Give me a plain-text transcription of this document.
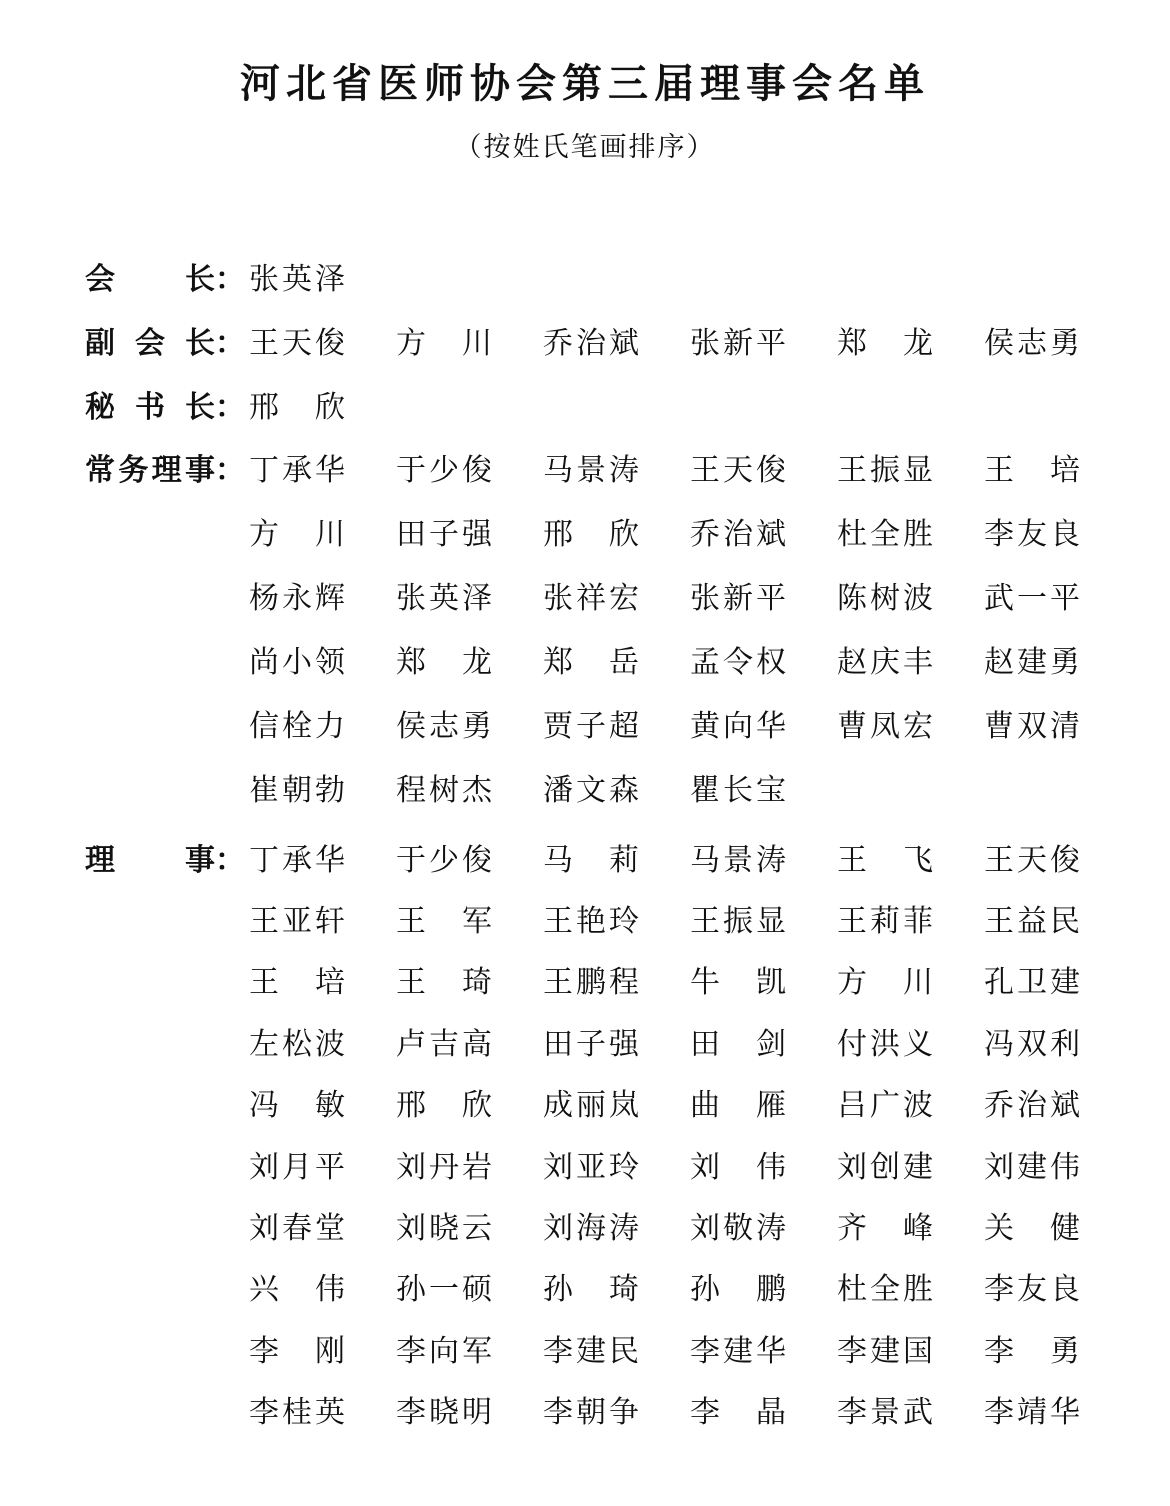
河北省医师协会第三届理事会名单
（按姓氏笔画排序）
会 长 ： 张 英 泽
副 会 长 ： 王 天 俊 方 川 乔 治 斌 张 新 平 郑 龙 侯 志 勇
秘 书 长 ： 邢 欣
常 务 理 事 ： 丁 承 华 于 少 俊 马 景 涛 王 天 俊 王 振 显 王 培
方 川 田 子 强 邢 欣 乔 治 斌 杜 全 胜 李 友 良
杨 永 辉 张 英 泽 张 祥 宏 张 新 平 陈 树 波 武 一 平
尚 小 领 郑 龙 郑 岳 孟 令 权 赵 庆 丰 赵 建 勇
信 栓 力 侯 志 勇 贾 子 超 黄 向 华 曹 凤 宏 曹 双 清
崔 朝 勃 程 树 杰 潘 文 森 瞿 长 宝
理 事 ： 丁 承 华 于 少 俊 马 莉 马 景 涛 王 飞 王 天 俊
王 亚 轩 王 军 王 艳 玲 王 振 显 王 莉 菲 王 益 民
王 培 王 琦 王 鹏 程 牛 凯 方 川 孔 卫 建
左 松 波 卢 吉 高 田 子 强 田 剑 付 洪 义 冯 双 利
冯 敏 邢 欣 成 丽 岚 曲 雁 吕 广 波 乔 治 斌
刘 月 平 刘 丹 岩 刘 亚 玲 刘 伟 刘 创 建 刘 建 伟
刘 春 堂 刘 晓 云 刘 海 涛 刘 敬 涛 齐 峰 关 健
兴 伟 孙 一 硕 孙 琦 孙 鹏 杜 全 胜 李 友 良
李 刚 李 向 军 李 建 民 李 建 华 李 建 国 李 勇
李 桂 英 李 晓 明 李 朝 争 李 晶 李 景 武 李 靖 华
